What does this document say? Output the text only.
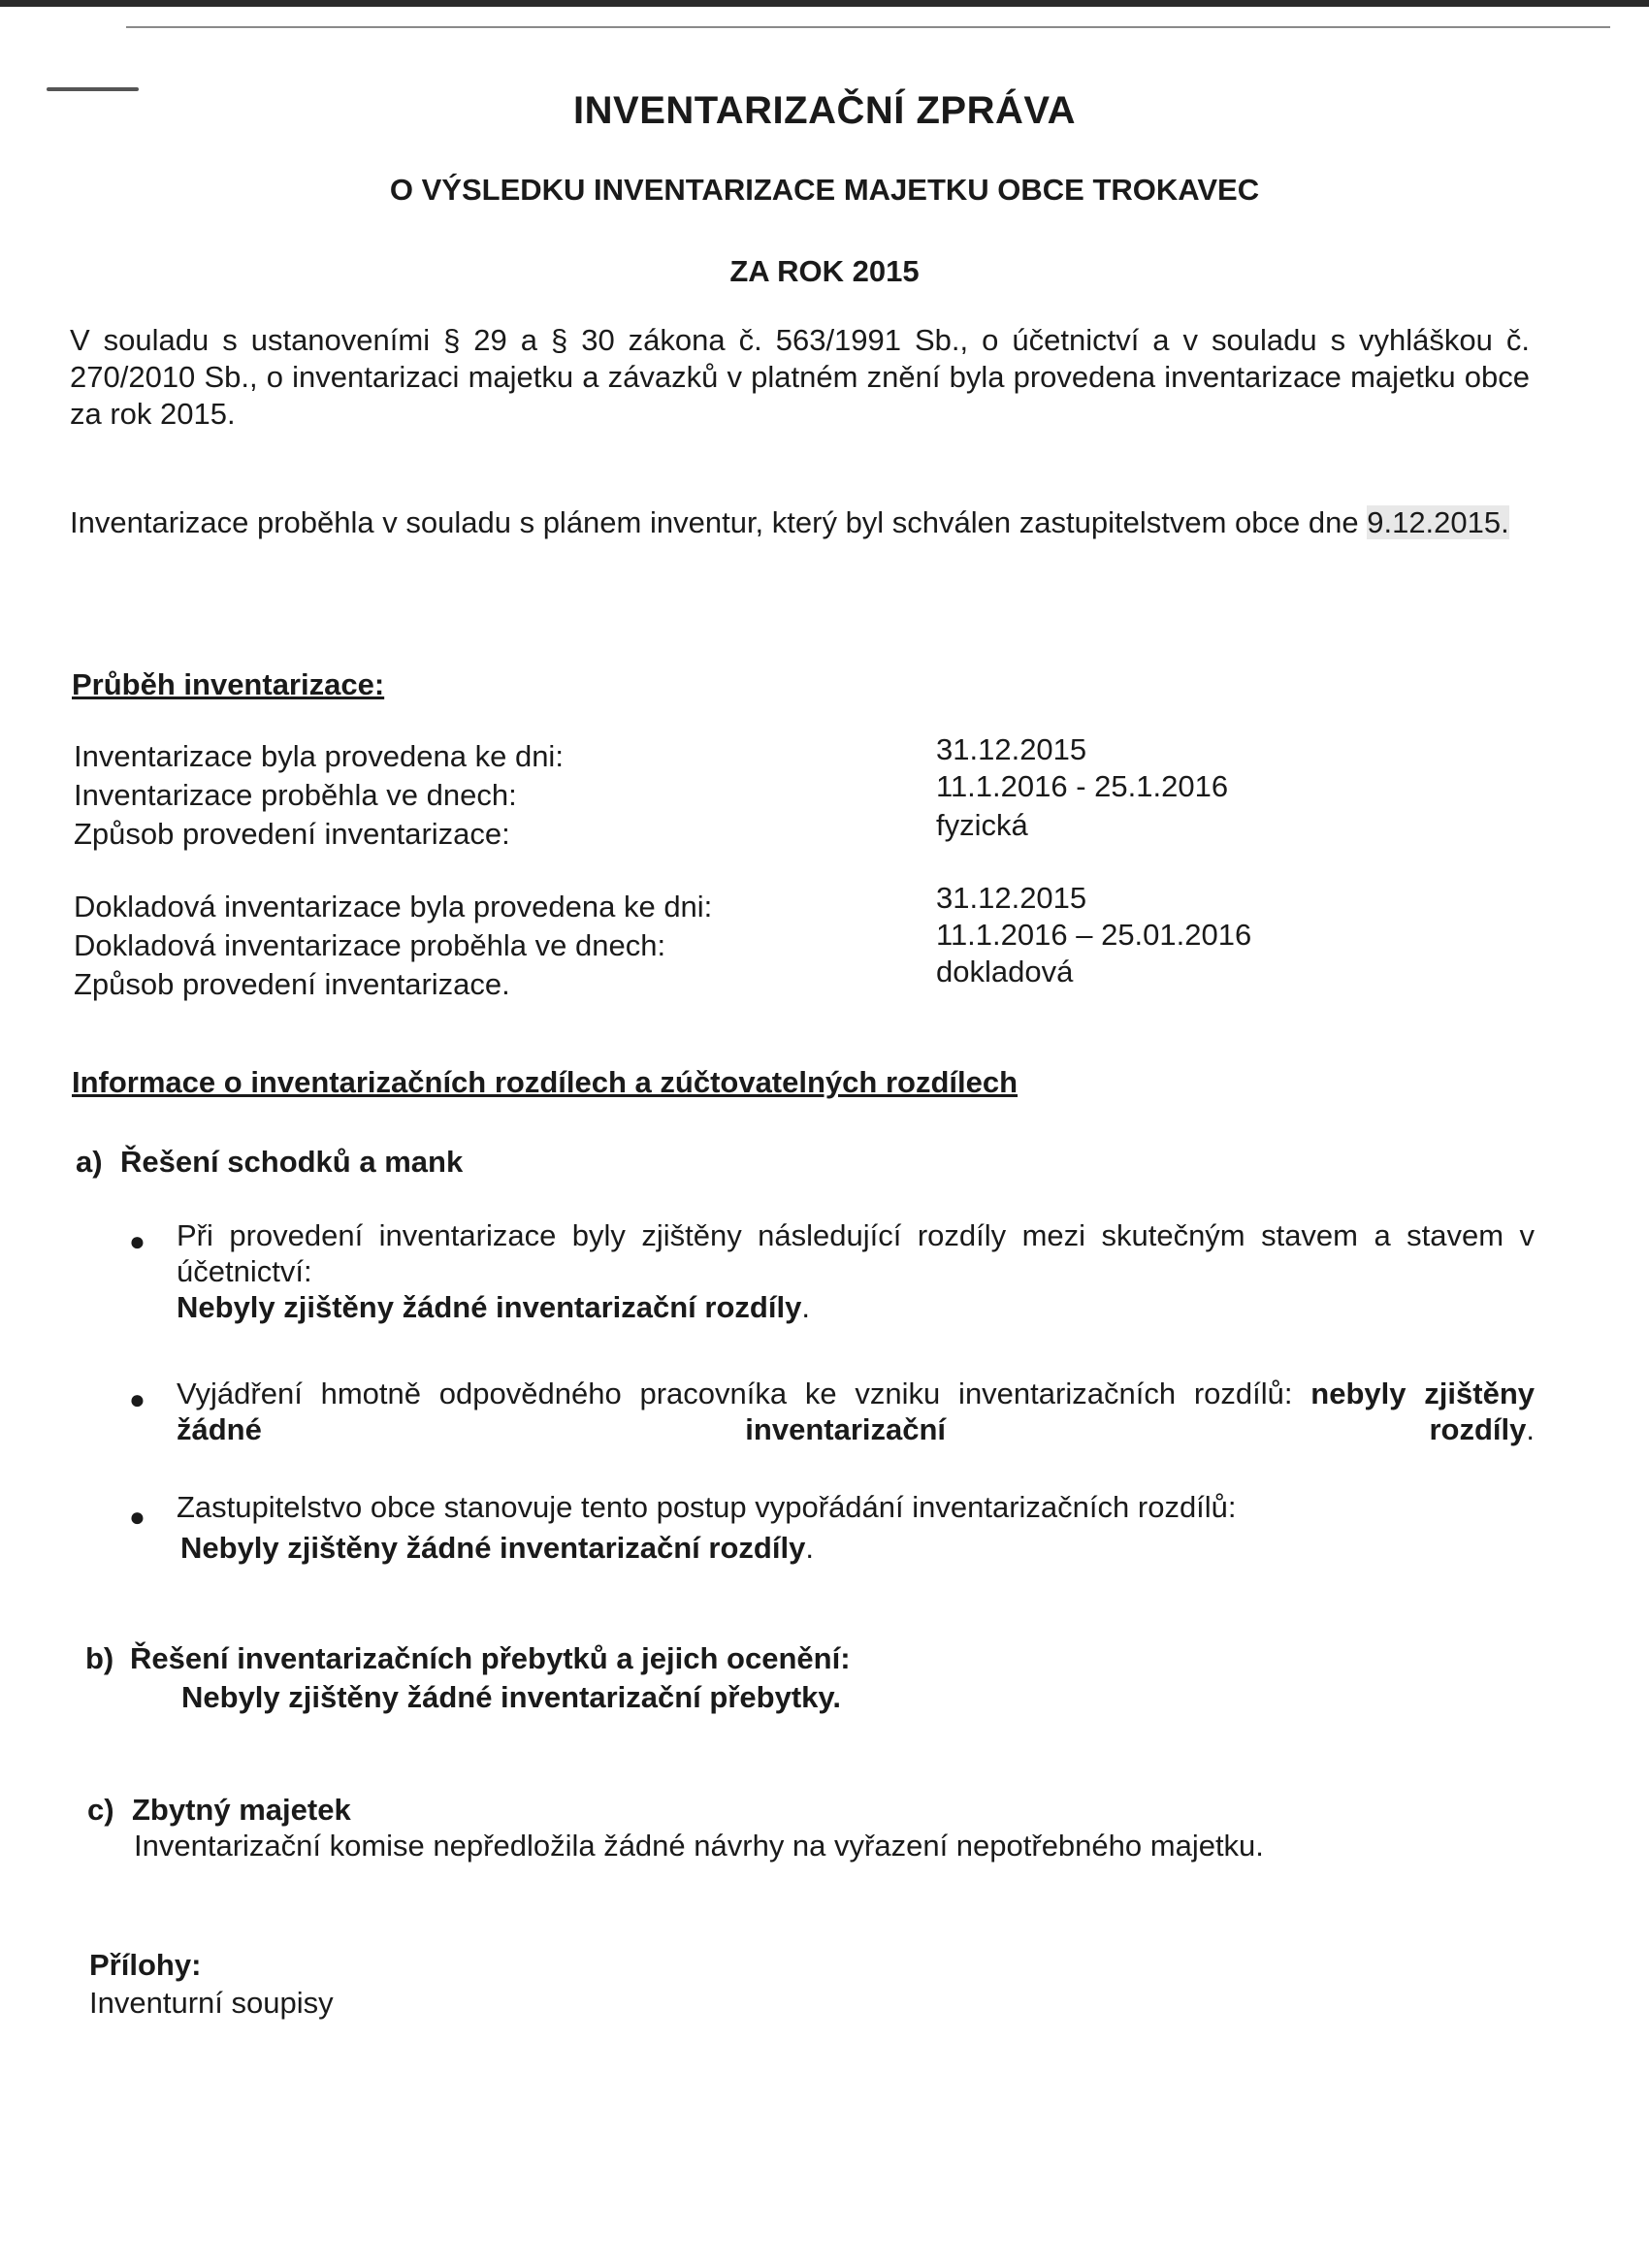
INVENTARIZAČNÍ ZPRÁVA
O VÝSLEDKU INVENTARIZACE MAJETKU OBCE TROKAVEC
ZA ROK 2015
V souladu s ustanoveními § 29 a § 30 zákona č. 563/1991 Sb., o účetnictví a v souladu s vyhláškou č. 270/2010 Sb., o inventarizaci majetku a závazků v platném znění byla provedena inventarizace majetku obce za rok 2015.
Inventarizace proběhla v souladu s plánem inventur, který byl schválen zastupitelstvem obce dne 9.12.2015.
Průběh inventarizace:
Inventarizace byla provedena ke dni:
Inventarizace proběhla ve dnech:
Způsob provedení inventarizace:
31.12.2015
11.1.2016 - 25.1.2016
fyzická
Dokladová inventarizace byla provedena ke dni:
Dokladová inventarizace proběhla ve dnech:
Způsob provedení inventarizace.
31.12.2015
11.1.2016 – 25.01.2016
dokladová
Informace o inventarizačních rozdílech a zúčtovatelných rozdílech
a) Řešení schodků a mank
● Při provedení inventarizace byly zjištěny následující rozdíly mezi skutečným stavem a stavem v účetnictví:
Nebyly zjištěny žádné inventarizační rozdíly.
● Vyjádření hmotně odpovědného pracovníka ke vzniku inventarizačních rozdílů: nebyly zjištěny žádné inventarizační rozdíly.
● Zastupitelstvo obce stanovuje tento postup vypořádání inventarizačních rozdílů:
Nebyly zjištěny žádné inventarizační rozdíly.
b) Řešení inventarizačních přebytků a jejich ocenění:
Nebyly zjištěny žádné inventarizační přebytky.
c) Zbytný majetek
Inventarizační komise nepředložila žádné návrhy na vyřazení nepotřebného majetku.
Přílohy:
Inventurní soupisy
